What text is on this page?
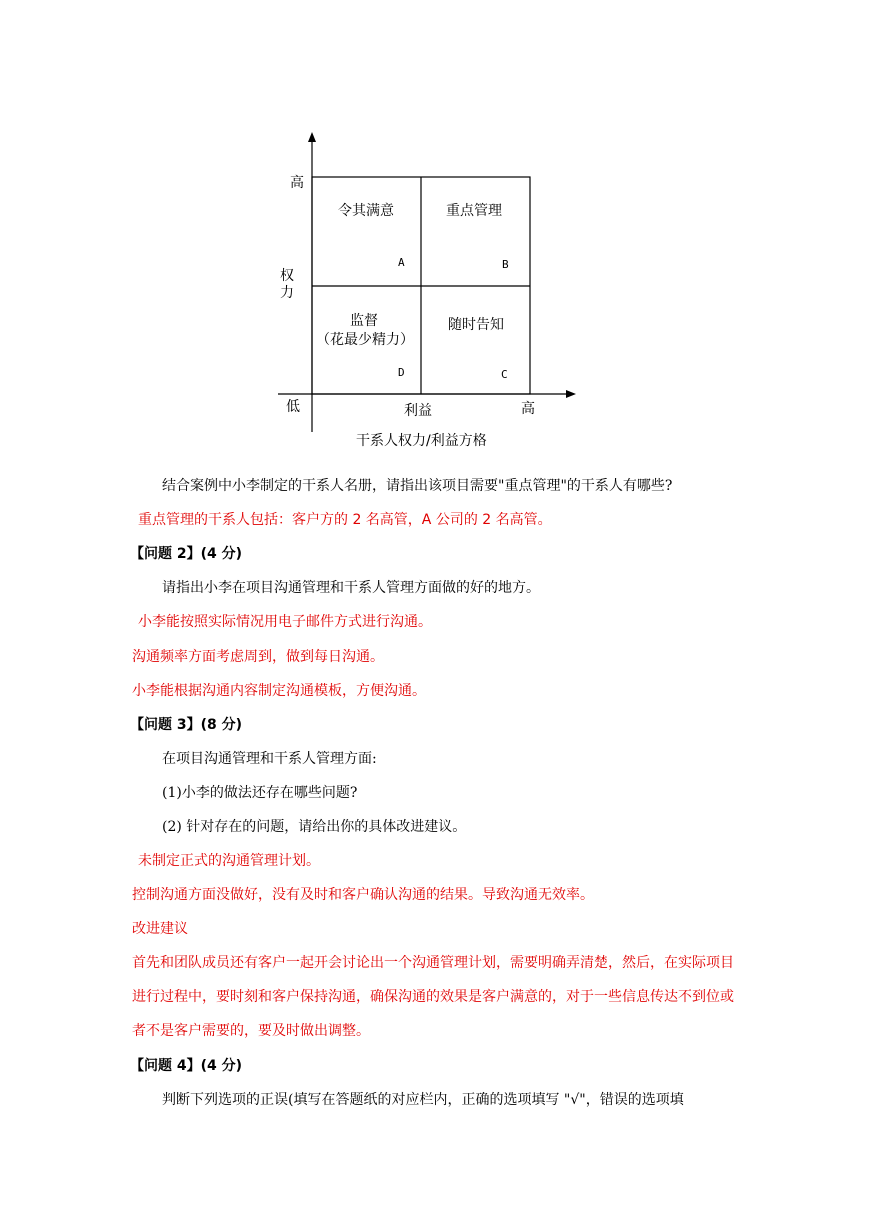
高
权
力
低	利益	高
干系人权力/利益方格
令其满意
A
重点管理
B
监督
（花最少精力）
D
随时告知
C
结合案例中小李制定的干系人名册，请指出该项目需要"重点管理"的干系人有哪些?
重点管理的干系人包括：客户方的 2 名高管，A 公司的 2 名高管。
【问题 2】(4 分)
请指出小李在项目沟通管理和干系人管理方面做的好的地方。
小李能按照实际情况用电子邮件方式进行沟通。
沟通频率方面考虑周到，做到每日沟通。
小李能根据沟通内容制定沟通模板，方便沟通。
【问题 3】(8 分)
在项目沟通管理和干系人管理方面:
(1)小李的做法还存在哪些问题?
(2) 针对存在的问题，请给出你的具体改进建议。
未制定正式的沟通管理计划。
控制沟通方面没做好，没有及时和客户确认沟通的结果。导致沟通无效率。
改进建议
首先和团队成员还有客户一起开会讨论出一个沟通管理计划，需要明确弄清楚，然后，在实际项目进行过程中，要时刻和客户保持沟通，确保沟通的效果是客户满意的，对于一些信息传达不到位或者不是客户需要的，要及时做出调整。
【问题 4】(4 分)
判断下列选项的正误(填写在答题纸的对应栏内，正确的选项填写 "√"，错误的选项填
